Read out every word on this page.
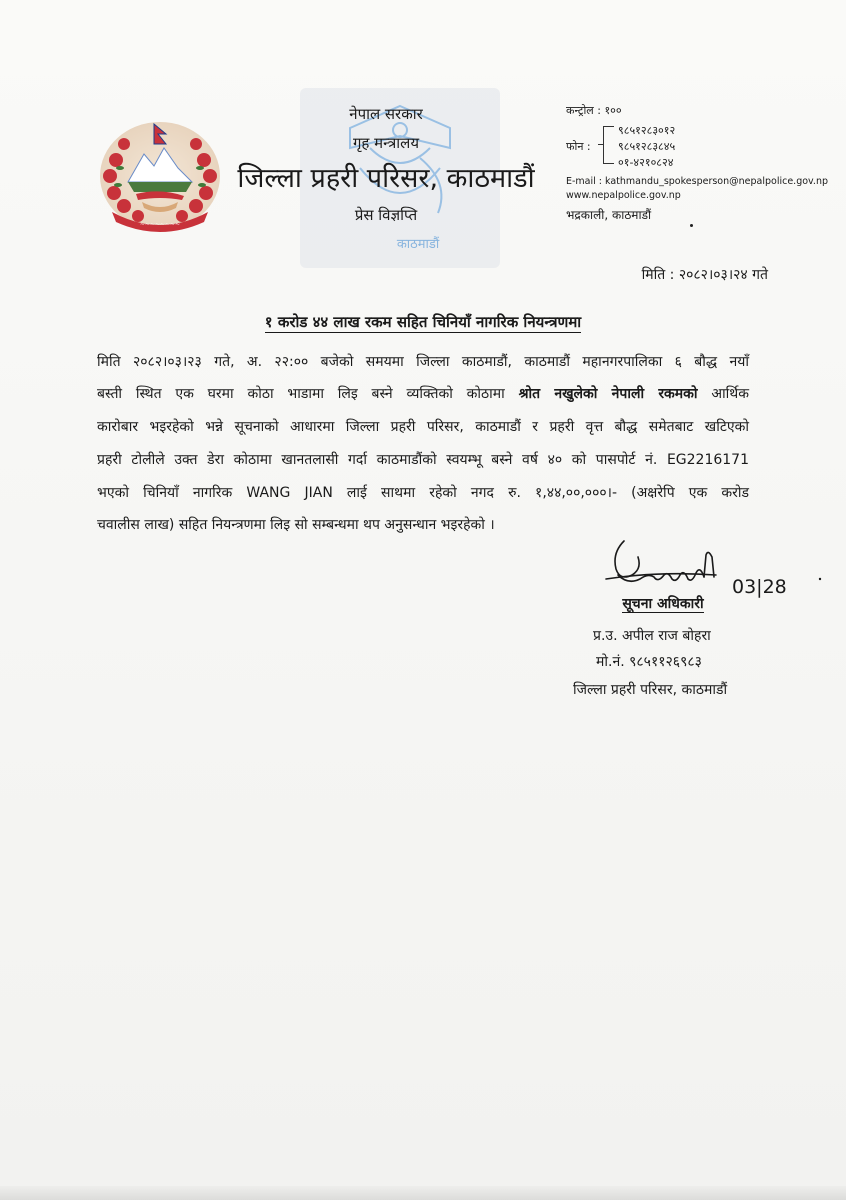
~~~~~~~~
काठमाडौं
नेपाल सरकार
गृह मन्त्रालय
जिल्ला प्रहरी परिसर, काठमाडौं
प्रेस विज्ञप्ति
कन्ट्रोल : १००
फोन :
९८५१२८३०१२
९८५१२८३८४५
०१-४२१०८२४
E-mail : kathmandu_spokesperson@nepalpolice.gov.np
www.nepalpolice.gov.np
भद्रकाली, काठमाडौं
मिति : २०८२।०३।२४ गते
१ करोड ४४ लाख रकम सहित चिनियाँ नागरिक नियन्त्रणमा
मिति २०८२।०३।२३ गते, अ. २२:०० बजेको समयमा जिल्ला काठमाडौं, काठमाडौं महानगरपालिका ६ बौद्ध नयाँ
बस्ती स्थित एक घरमा कोठा भाडामा लिइ बस्ने व्यक्तिको कोठामा श्रोत नखुलेको नेपाली रकमको आर्थिक
कारोबार भइरहेको भन्ने सूचनाको आधारमा जिल्ला प्रहरी परिसर, काठमाडौं र प्रहरी वृत्त बौद्ध समेतबाट खटिएको
प्रहरी टोलीले उक्त डेरा कोठामा खानतलासी गर्दा काठमाडौंको स्वयम्भू बस्ने वर्ष ४० को पासपोर्ट नं. EG2216171
भएको चिनियाँ नागरिक WANG JIAN लाई साथमा रहेको नगद रु. १,४४,००,०००।- (अक्षरेपि एक करोड
चवालीस लाख) सहित नियन्त्रणमा लिइ सो सम्बन्धमा थप अनुसन्धान भइरहेको ।
03|28
सूचना अधिकारी
प्र.उ. अपील राज बोहरा
मो.नं. ९८५११२६९८३
जिल्ला प्रहरी परिसर, काठमाडौं
